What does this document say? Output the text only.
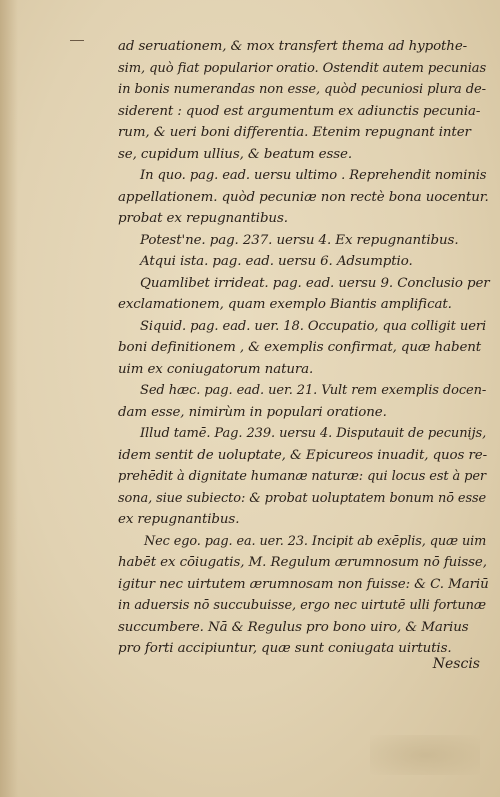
ad seruationem, & mox transfert thema ad hypothe-
sim, quò fiat popularior oratio. Ostendit autem pecunias
in bonis numerandas non esse, quòd pecuniosi plura de-
siderent : quod est argumentum ex adiunctis pecunia-
rum, & ueri boni differentia. Etenim repugnant inter
se, cupidum ullius, & beatum esse.
In quo. pag. ead. uersu ultimo . Reprehendit nominis
appellationem. quòd pecuniæ non rectè bona uocentur.
probat ex repugnantibus.
Potest'ne. pag. 237. uersu 4. Ex repugnantibus.
Atqui ista. pag. ead. uersu 6. Adsumptio.
Quamlibet irrideat. pag. ead. uersu 9. Conclusio per
exclamationem, quam exemplo Biantis amplificat.
Siquid. pag. ead. uer. 18. Occupatio, qua colligit ueri
boni definitionem , & exemplis confirmat, quæ habent
uim ex coniugatorum natura.
Sed hæc. pag. ead. uer. 21. Vult rem exemplis docen-
dam esse, nimirùm in populari oratione.
Illud tamē. Pag. 239. uersu 4. Disputauit de pecunijs,
idem sentit de uoluptate, & Epicureos inuadit, quos re-
prehēdit à dignitate humanæ naturæ: qui locus est à per
sona, siue subiecto: & probat uoluptatem bonum nō esse
ex repugnantibus.
Nec ego. pag. ea. uer. 23. Incipit ab exēplis, quæ uim
habēt ex cōiugatis, M. Regulum ærumnosum nō fuisse,
igitur nec uirtutem ærumnosam non fuisse: & C. Mariū
in aduersis nō succubuisse, ergo nec uirtutē ulli fortunæ
succumbere. Nā & Regulus pro bono uiro, & Marius
pro forti accipiuntur, quæ sunt coniugata uirtutis.
Nescis
